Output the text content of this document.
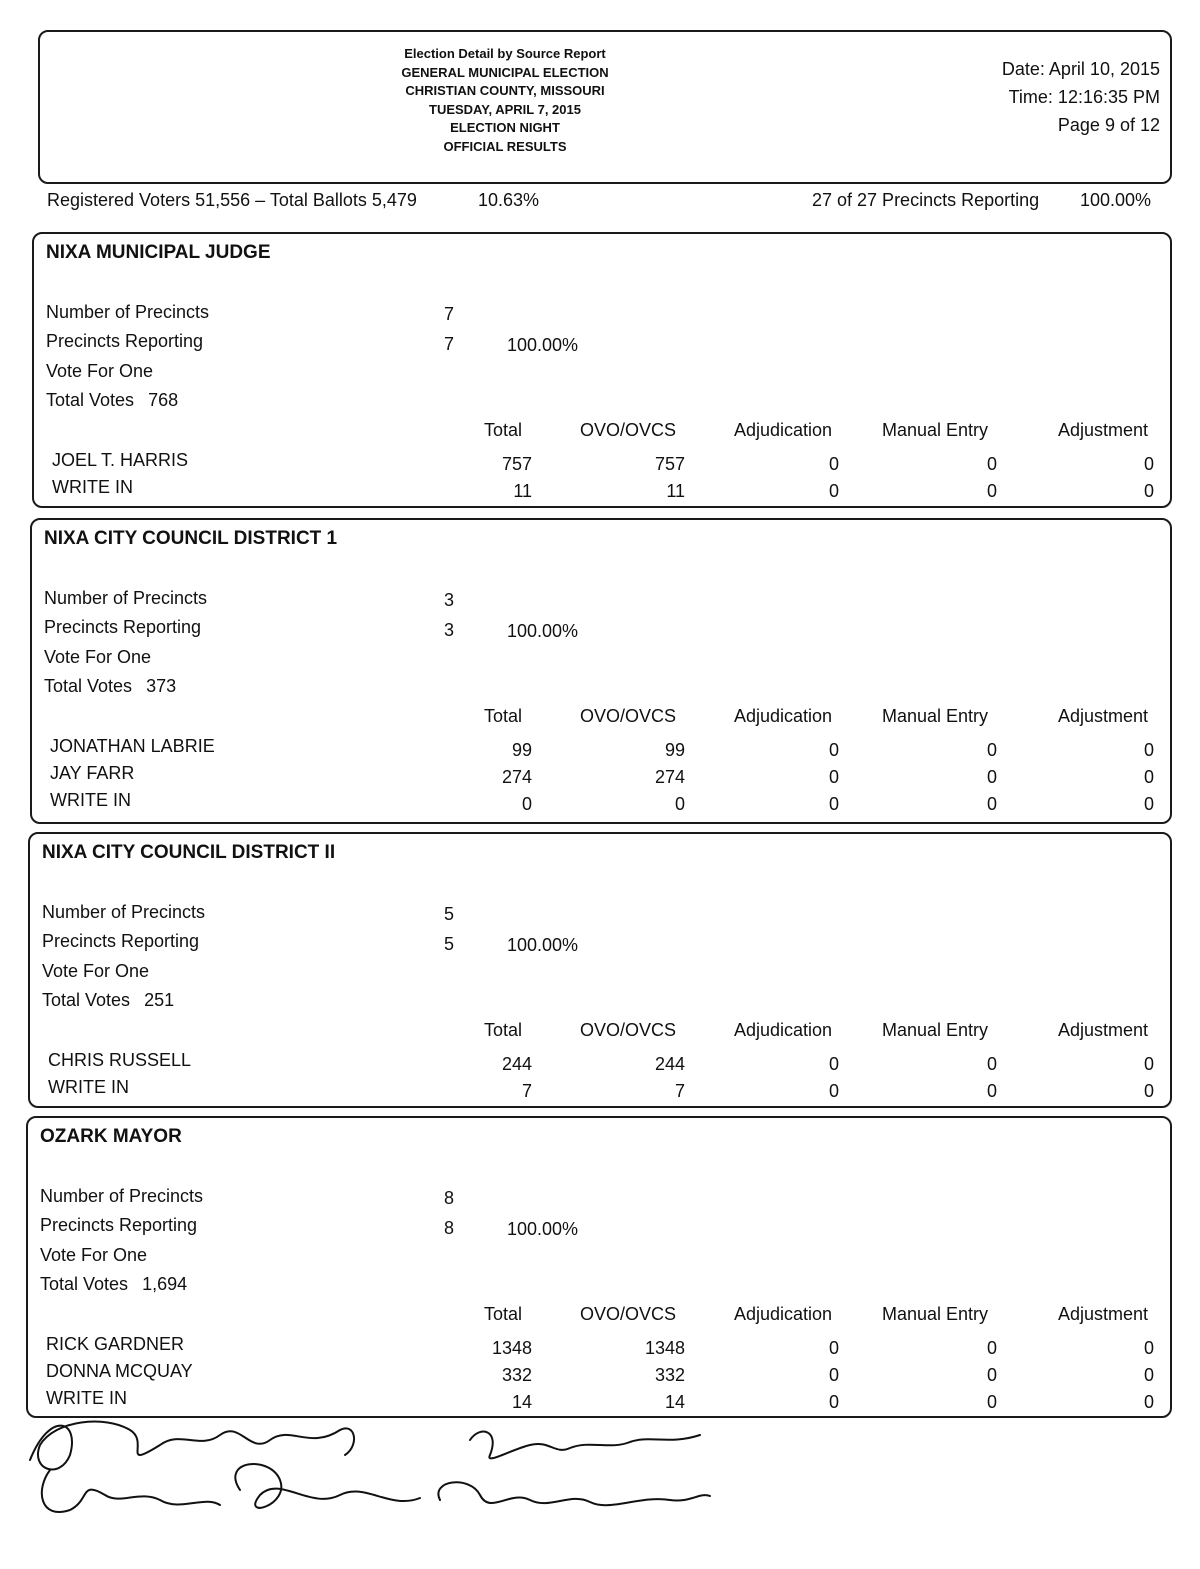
Election Detail by Source Report
GENERAL MUNICIPAL ELECTION
CHRISTIAN COUNTY, MISSOURI
TUESDAY, APRIL 7, 2015
ELECTION NIGHT
OFFICIAL RESULTS
Date: April 10, 2015
Time: 12:16:35 PM
Page 9 of 12
Registered Voters 51,556 – Total Ballots 5,479	10.63%	27 of 27 Precincts Reporting 100.00%
NIXA MUNICIPAL JUDGE
Number of Precincts	7
Precincts Reporting	7	100.00%
Vote For One
Total Votes 768
Total	OVO/OVCS	Adjudication	Manual Entry	Adjustment
JOEL T. HARRIS	757	757	0	0	0
WRITE IN	11	11	0	0	0
NIXA CITY COUNCIL DISTRICT 1
Number of Precincts	3
Precincts Reporting	3	100.00%
Vote For One
Total Votes 373
Total	OVO/OVCS	Adjudication	Manual Entry	Adjustment
JONATHAN LABRIE	99	99	0	0	0
JAY FARR	274	274	0	0	0
WRITE IN	0	0	0	0	0
NIXA CITY COUNCIL DISTRICT II
Number of Precincts	5
Precincts Reporting	5	100.00%
Vote For One
Total Votes 251
Total	OVO/OVCS	Adjudication	Manual Entry	Adjustment
CHRIS RUSSELL	244	244	0	0	0
WRITE IN	7	7	0	0	0
OZARK MAYOR
Number of Precincts	8
Precincts Reporting	8	100.00%
Vote For One
Total Votes 1,694
Total	OVO/OVCS	Adjudication	Manual Entry	Adjustment
RICK GARDNER	1348	1348	0	0	0
DONNA MCQUAY	332	332	0	0	0
WRITE IN	14	14	0	0	0
